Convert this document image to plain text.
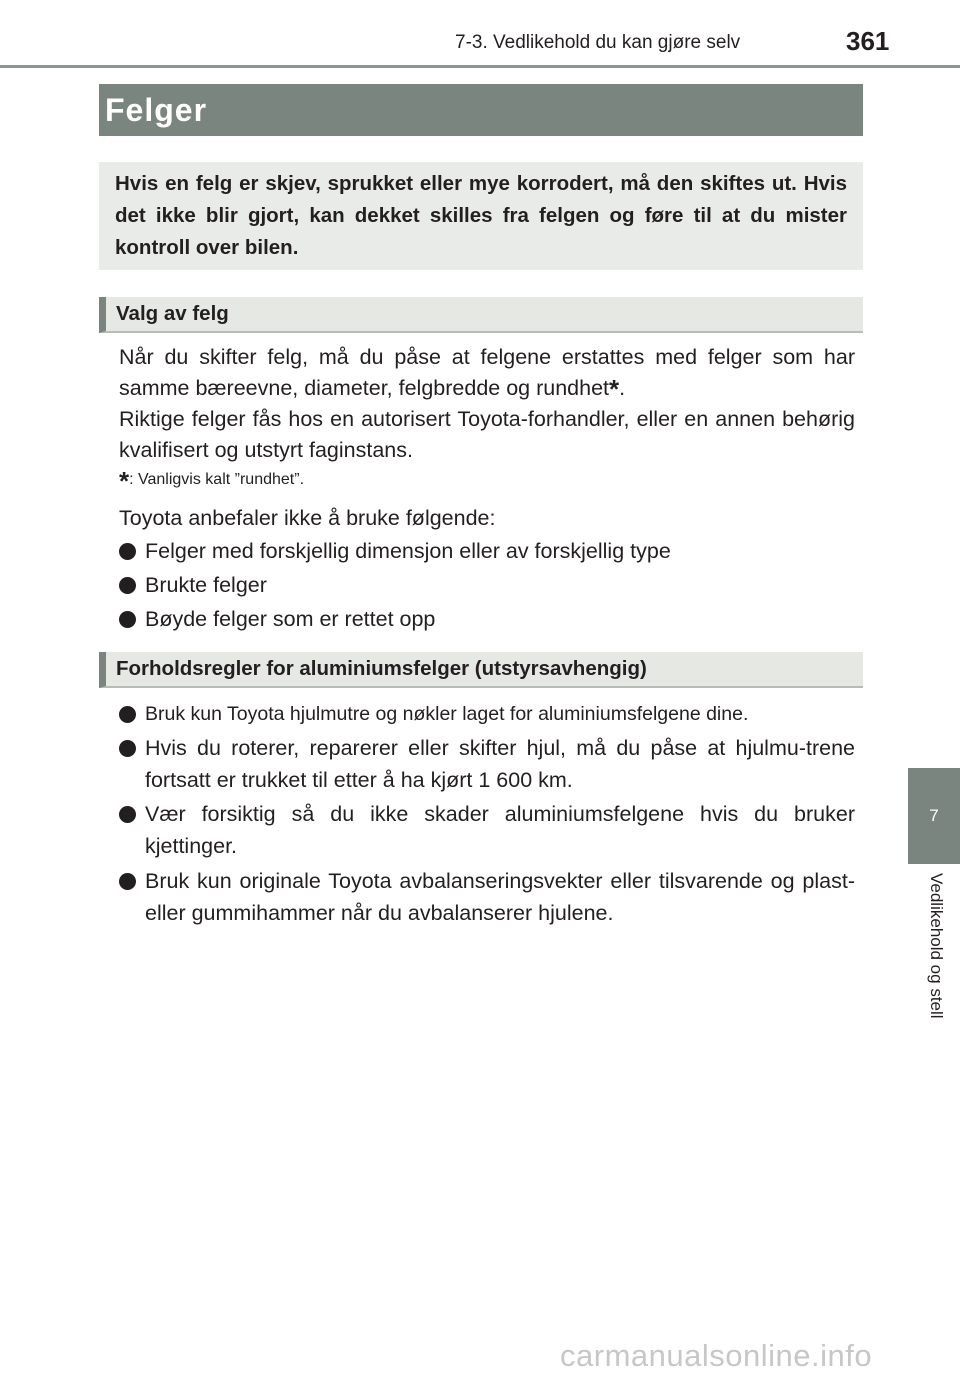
7-3. Vedlikehold du kan gjøre selv	361
Felger
Hvis en felg er skjev, sprukket eller mye korrodert, må den skiftes ut. Hvis det ikke blir gjort, kan dekket skilles fra felgen og føre til at du mister kontroll over bilen.
Valg av felg
Når du skifter felg, må du påse at felgene erstattes med felger som har samme bæreevne, diameter, felgbredde og rundhet*.
Riktige felger fås hos en autorisert Toyota-forhandler, eller en annen behørig kvalifisert og utstyrt faginstans.
*: Vanligvis kalt ”rundhet”.
Toyota anbefaler ikke å bruke følgende:
Felger med forskjellig dimensjon eller av forskjellig type
Brukte felger
Bøyde felger som er rettet opp
Forholdsregler for aluminiumsfelger (utstyrsavhengig)
Bruk kun Toyota hjulmutre og nøkler laget for aluminiumsfelgene dine.
Hvis du roterer, reparerer eller skifter hjul, må du påse at hjulmu-trene fortsatt er trukket til etter å ha kjørt 1 600 km.
Vær forsiktig så du ikke skader aluminiumsfelgene hvis du bruker kjettinger.
Bruk kun originale Toyota avbalanseringsvekter eller tilsvarende og plast- eller gummihammer når du avbalanserer hjulene.
7
Vedlikehold og stell
carmanualsonline.info
